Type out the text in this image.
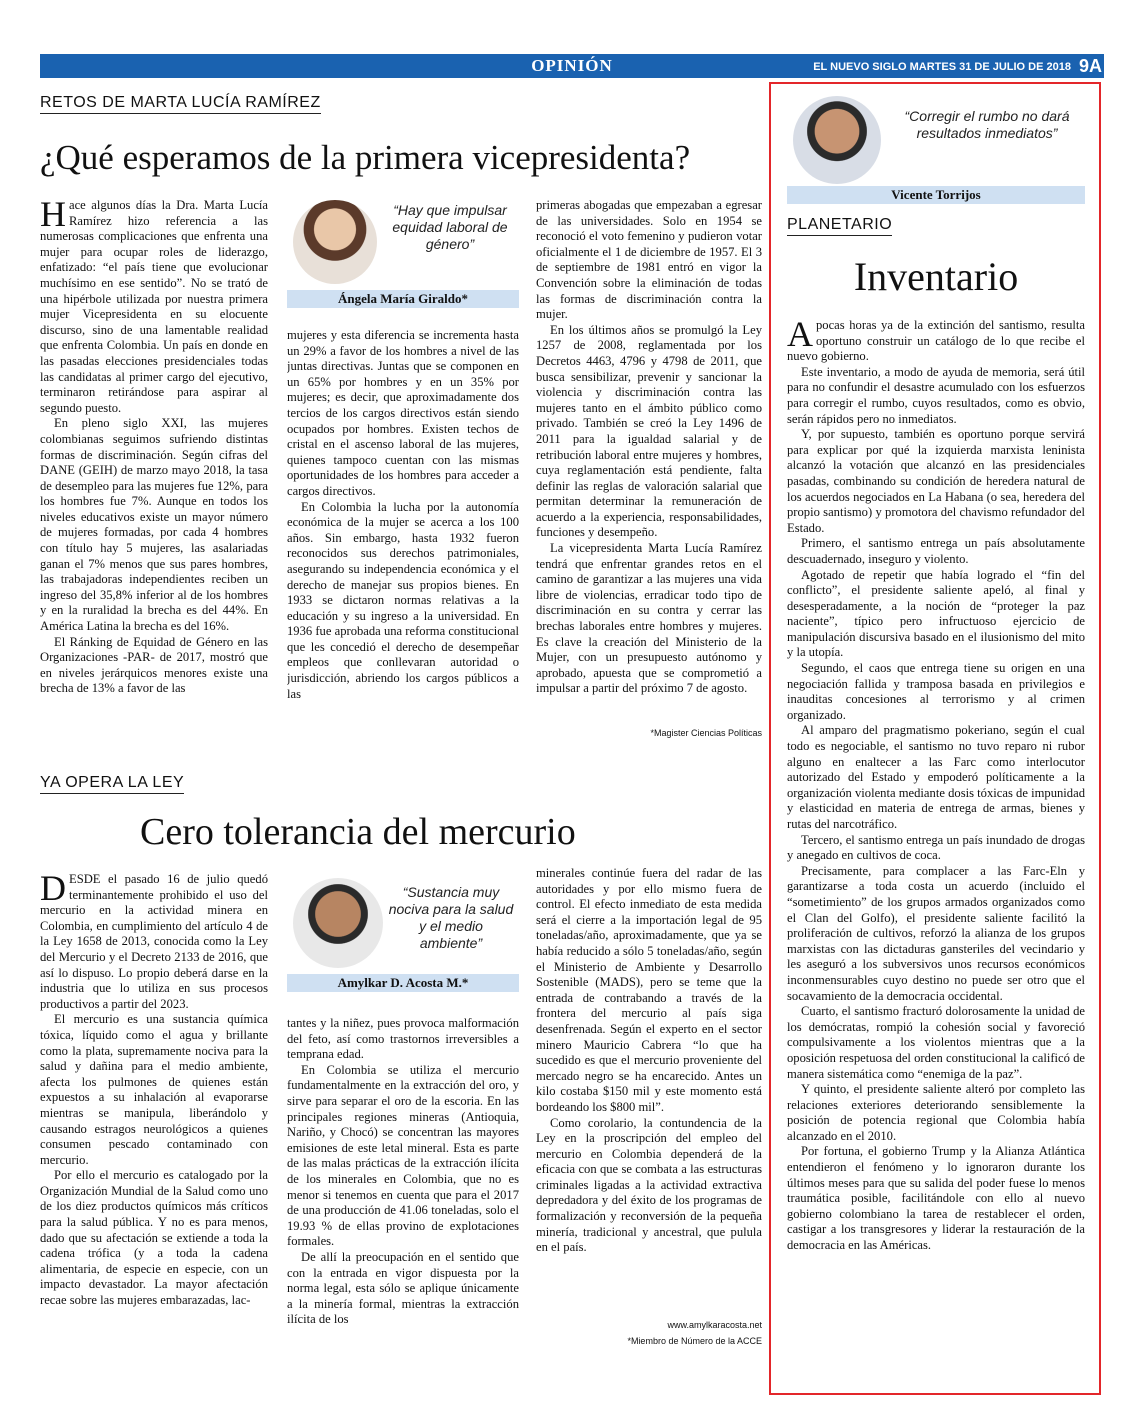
OPINIÓN	EL NUEVO SIGLO MARTES 31 DE JULIO DE 2018 9A
RETOS DE MARTA LUCÍA RAMÍREZ
¿Qué esperamos de la primera vicepresidenta?

Hace algunos días la Dra. Marta Lucía Ramírez hizo referencia a las numerosas complicaciones que enfrenta una mujer para ocupar roles de liderazgo, enfatizado: “el país tiene que evolucionar muchísimo en ese sentido”. No se trató de una hipérbole utilizada por nuestra primera mujer Vicepresidenta en su elocuente discurso, sino de una lamentable realidad que enfrenta Colombia. Un país en donde en las pasadas elecciones presidenciales todas las candidatas al primer cargo del ejecutivo, terminaron retirándose para aspirar al segundo puesto.

En pleno siglo XXI, las mujeres colombianas seguimos sufriendo distintas formas de discriminación. Según cifras del DANE (GEIH) de marzo mayo 2018, la tasa de desempleo para las mujeres fue 12%, para los hombres fue 7%. Aunque en todos los niveles educativos existe un mayor número de mujeres formadas, por cada 4 hombres con título hay 5 mujeres, las asalariadas ganan el 7% menos que sus pares hombres, las trabajadoras independientes reciben un ingreso del 35,8% inferior al de los hombres y en la ruralidad la brecha es del 44%. En América Latina la brecha es del 16%.

El Ránking de Equidad de Género en las Organizaciones -PAR- de 2017, mostró que en niveles jerárquicos menores existe una brecha de 13% a favor de las

“Hay que impulsar equidad laboral de género”
Ángela María Giraldo*

mujeres y esta diferencia se incrementa hasta un 29% a favor de los hombres a nivel de las juntas directivas. Juntas que se componen en un 65% por hombres y en un 35% por mujeres; es decir, que aproximadamente dos tercios de los cargos directivos están siendo ocupados por hombres. Existen techos de cristal en el ascenso laboral de las mujeres, quienes tampoco cuentan con las mismas oportunidades de los hombres para acceder a cargos directivos.

En Colombia la lucha por la autonomía económica de la mujer se acerca a los 100 años. Sin embargo, hasta 1932 fueron reconocidos sus derechos patrimoniales, asegurando su independencia económica y el derecho de manejar sus propios bienes. En 1933 se dictaron normas relativas a la educación y su ingreso a la universidad. En 1936 fue aprobada una reforma constitucional que les concedió el derecho de desempeñar empleos que conllevaran autoridad o jurisdicción, abriendo los cargos públicos a las

primeras abogadas que empezaban a egresar de las universidades. Solo en 1954 se reconoció el voto femenino y pudieron votar oficialmente el 1 de diciembre de 1957. El 3 de septiembre de 1981 entró en vigor la Convención sobre la eliminación de todas las formas de discriminación contra la mujer.

En los últimos años se promulgó la Ley 1257 de 2008, reglamentada por los Decretos 4463, 4796 y 4798 de 2011, que busca sensibilizar, prevenir y sancionar la violencia y discriminación contra las mujeres tanto en el ámbito público como privado. También se creó la Ley 1496 de 2011 para la igualdad salarial y de retribución laboral entre mujeres y hombres, cuya reglamentación está pendiente, falta definir las reglas de valoración salarial que permitan determinar la remuneración de acuerdo a la experiencia, responsabilidades, funciones y desempeño.

La vicepresidenta Marta Lucía Ramírez tendrá que enfrentar grandes retos en el camino de garantizar a las mujeres una vida libre de violencias, erradicar todo tipo de discriminación en su contra y cerrar las brechas laborales entre hombres y mujeres. Es clave la creación del Ministerio de la Mujer, con un presupuesto autónomo y aprobado, apuesta que se comprometió a impulsar a partir del próximo 7 de agosto.

*Magister Ciencias Políticas
YA OPERA LA LEY
Cero tolerancia del mercurio

DESDE el pasado 16 de julio quedó terminantemente prohibido el uso del mercurio en la actividad minera en Colombia, en cumplimiento del artículo 4 de la Ley 1658 de 2013, conocida como la Ley del Mercurio y el Decreto 2133 de 2016, que así lo dispuso. Lo propio deberá darse en la industria que lo utiliza en sus procesos productivos a partir del 2023.

El mercurio es una sustancia química tóxica, líquido como el agua y brillante como la plata, supremamente nociva para la salud y dañina para el medio ambiente, afecta los pulmones de quienes están expuestos a su inhalación al evaporarse mientras se manipula, liberándolo y causando estragos neurológicos a quienes consumen pescado contaminado con mercurio.

Por ello el mercurio es catalogado por la Organización Mundial de la Salud como uno de los diez productos químicos más críticos para la salud pública. Y no es para menos, dado que su afectación se extiende a toda la cadena trófica (y a toda la cadena alimentaria, de especie en especie, con un impacto devastador. La mayor afectación recae sobre las mujeres embarazadas, lac-

“Sustancia muy nociva para la salud y el medio ambiente”
Amylkar D. Acosta M.*

tantes y la niñez, pues provoca malformación del feto, así como trastornos irreversibles a temprana edad.

En Colombia se utiliza el mercurio fundamentalmente en la extracción del oro, y sirve para separar el oro de la escoria. En las principales regiones mineras (Antioquia, Nariño, y Chocó) se concentran las mayores emisiones de este letal mineral. Esta es parte de las malas prácticas de la extracción ilícita de los minerales en Colombia, que no es menor si tenemos en cuenta que para el 2017 de una producción de 41.06 toneladas, solo el 19.93 % de ellas provino de explotaciones formales.

De allí la preocupación en el sentido que con la entrada en vigor dispuesta por la norma legal, esta sólo se aplique únicamente a la minería formal, mientras la extracción ilícita de los

minerales continúe fuera del radar de las autoridades y por ello mismo fuera de control. El efecto inmediato de esta medida será el cierre a la importación legal de 95 toneladas/año, aproximadamente, que ya se había reducido a sólo 5 toneladas/año, según el Ministerio de Ambiente y Desarrollo Sostenible (MADS), pero se teme que la entrada de contrabando a través de la frontera del mercurio al país siga desenfrenada. Según el experto en el sector minero Mauricio Cabrera “lo que ha sucedido es que el mercurio proveniente del mercado negro se ha encarecido. Antes un kilo costaba $150 mil y este momento está bordeando los $800 mil”.

Como corolario, la contundencia de la Ley en la proscripción del empleo del mercurio en Colombia dependerá de la eficacia con que se combata a las estructuras criminales ligadas a la actividad extractiva depredadora y del éxito de los programas de formalización y reconversión de la pequeña minería, tradicional y ancestral, que pulula en el país.

www.amylkaracosta.net
*Miembro de Número de la ACCE
“Corregir el rumbo no dará resultados inmediatos”
Vicente Torrijos
PLANETARIO
Inventario

Apocas horas ya de la extinción del santismo, resulta oportuno construir un catálogo de lo que recibe el nuevo gobierno.

Este inventario, a modo de ayuda de memoria, será útil para no confundir el desastre acumulado con los esfuerzos para corregir el rumbo, cuyos resultados, como es obvio, serán rápidos pero no inmediatos.

Y, por supuesto, también es oportuno porque servirá para explicar por qué la izquierda marxista leninista alcanzó la votación que alcanzó en las presidenciales pasadas, combinando su condición de heredera natural de los acuerdos negociados en La Habana (o sea, heredera del propio santismo) y promotora del chavismo refundador del Estado.

Primero, el santismo entrega un país absolutamente descuadernado, inseguro y violento.

Agotado de repetir que había logrado el “fin del conflicto”, el presidente saliente apeló, al final y desesperadamente, a la noción de “proteger la paz naciente”, típico pero infructuoso ejercicio de manipulación discursiva basado en el ilusionismo del mito y la utopía.

Segundo, el caos que entrega tiene su origen en una negociación fallida y tramposa basada en privilegios e inauditas concesiones al terrorismo y al crimen organizado.

Al amparo del pragmatismo pokeriano, según el cual todo es negociable, el santismo no tuvo reparo ni rubor alguno en enaltecer a las Farc como interlocutor autorizado del Estado y empoderó políticamente a la organización violenta mediante dosis tóxicas de impunidad y elasticidad en materia de entrega de armas, bienes y rutas del narcotráfico.

Tercero, el santismo entrega un país inundado de drogas y anegado en cultivos de coca.

Precisamente, para complacer a las Farc-Eln y garantizarse a toda costa un acuerdo (incluido el “sometimiento” de los grupos armados organizados como el Clan del Golfo), el presidente saliente facilitó la proliferación de cultivos, reforzó la alianza de los grupos marxistas con las dictaduras gansteriles del vecindario y les aseguró a los subversivos unos recursos económicos inconmensurables cuyo destino no puede ser otro que el socavamiento de la democracia occidental.

Cuarto, el santismo fracturó dolorosamente la unidad de los demócratas, rompió la cohesión social y favoreció compulsivamente a los violentos mientras que a la oposición respetuosa del orden constitucional la calificó de manera sistemática como “enemiga de la paz”.

Y quinto, el presidente saliente alteró por completo las relaciones exteriores deteriorando sensiblemente la posición de potencia regional que Colombia había alcanzado en el 2010.

Por fortuna, el gobierno Trump y la Alianza Atlántica entendieron el fenómeno y lo ignoraron durante los últimos meses para que su salida del poder fuese lo menos traumática posible, facilitándole con ello al nuevo gobierno colombiano la tarea de restablecer el orden, castigar a los transgresores y liderar la restauración de la democracia en las Américas.
